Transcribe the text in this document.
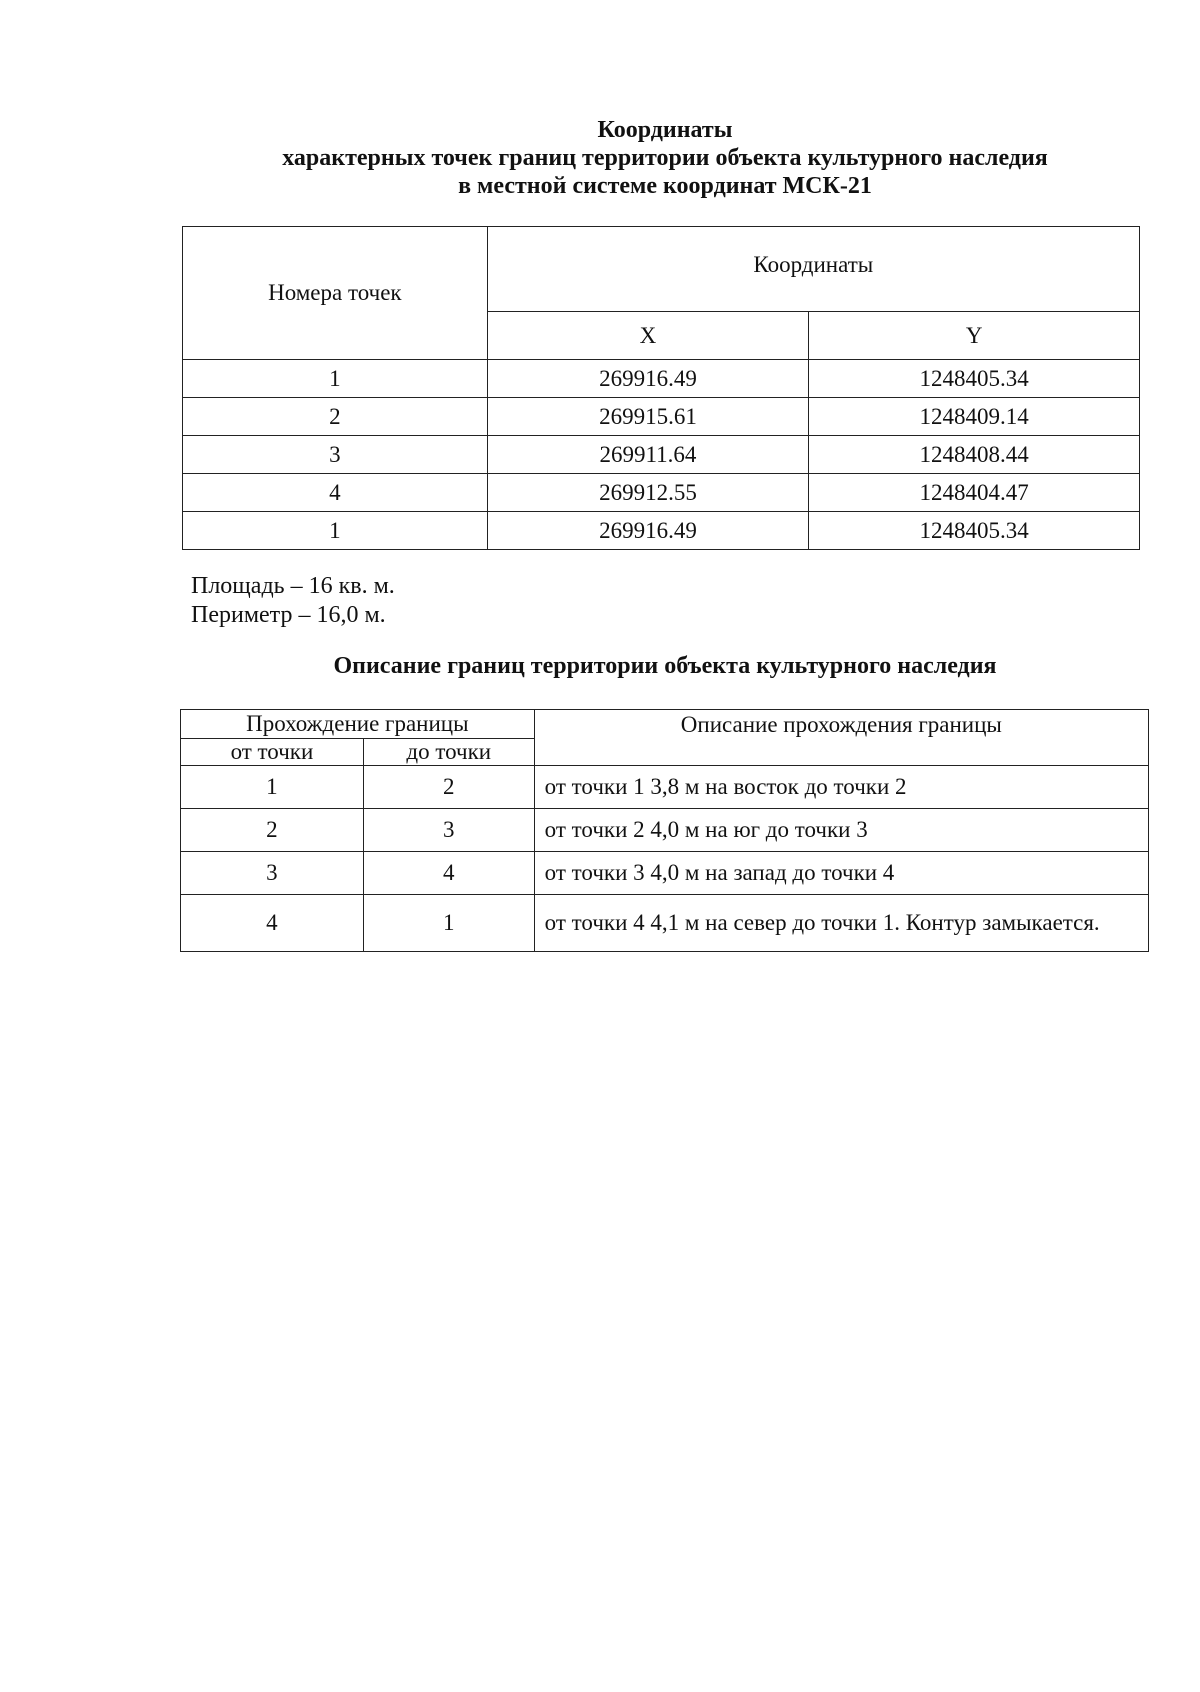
Координаты
характерных точек границ территории объекта культурного наследия
в местной системе координат МСК-21
Номера точек	Координаты	
	X	Y
1	269916.49	1248405.34
2	269915.61	1248409.14
3	269911.64	1248408.44
4	269912.55	1248404.47
1	269916.49	1248405.34
Площадь – 16 кв. м.
Периметр – 16,0 м.
Описание границ территории объекта культурного наследия
Прохождение границы		Описание прохождения границы
от точки	до точки	
1	2	от точки 1 3,8 м на восток до точки 2
2	3	от точки 2 4,0 м на юг до точки 3
3	4	от точки 3 4,0 м на запад до точки 4
4	1	от точки 4 4,1 м на север до точки 1. Контур замыкается.
